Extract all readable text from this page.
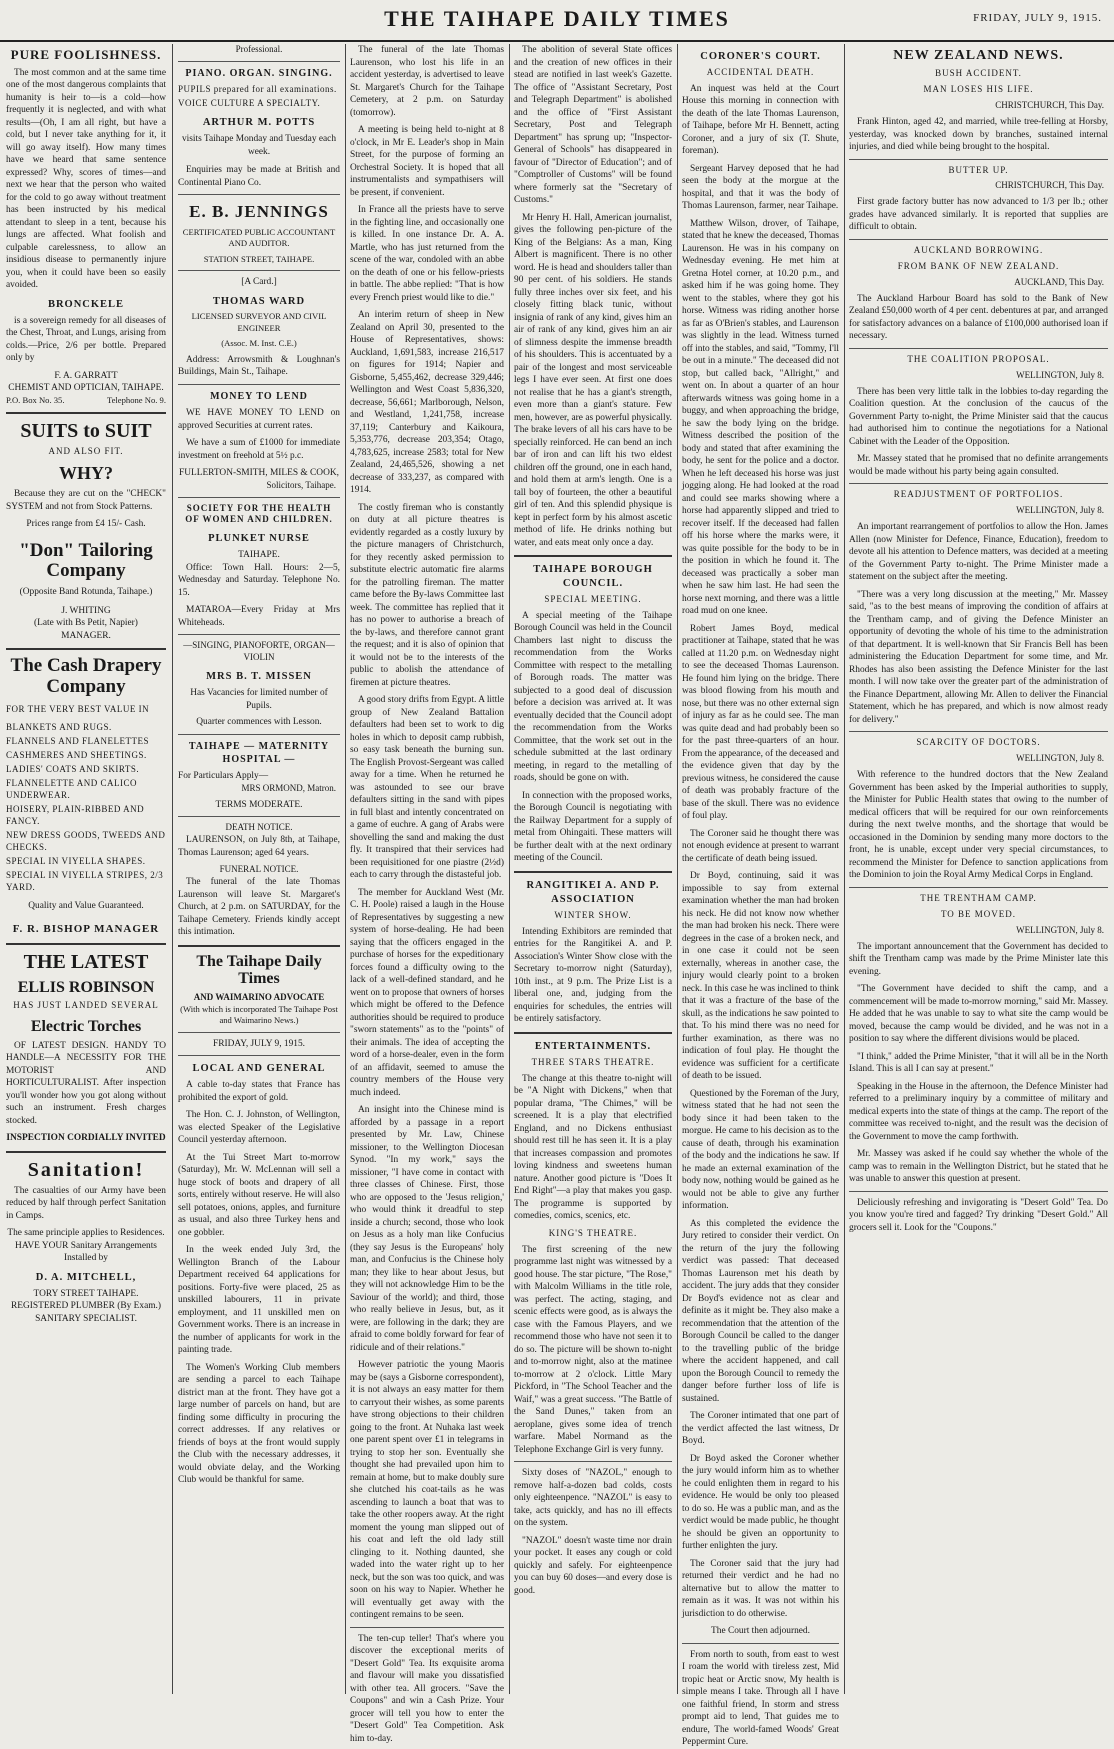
THE TAIHAPE DAILY TIMES	FRIDAY, JULY 9, 1915.
PURE FOOLISHNESS.

The most common and at the same time one of the most dangerous complaints that humanity is heir to—is a cold—how frequently it is neglected, and with what results—(Oh, I am all right, but have a cold, but I never take anything for it, it will go away itself). How many times have we heard that same sentence expressed? Why, scores of times—and next we hear that the person who waited for the cold to go away without treatment has been instructed by his medical attendant to sleep in a tent, because his lungs are affected. What foolish and culpable carelessness, to allow an insidious disease to permanently injure you, when it could have been so easily avoided.

BRONCKELE

is a sovereign remedy for all diseases of the Chest, Throat, and Lungs, arising from colds.—Price, 2/6 per bottle. Prepared only by

F. A. GARRATT
CHEMIST AND OPTICIAN, TAIHAPE.
P.O. Box No. 35.	Telephone No. 9.
SUITS to SUIT
AND ALSO FIT.
WHY?

Because they are cut on the "CHECK" SYSTEM and not from Stock Patterns.

Prices range from £4 15/- Cash.
"Don" Tailoring Company
(Opposite Band Rotunda, Taihape.)
J. WHITING
(Late with Bs Petit, Napier)
MANAGER.
The Cash Drapery Company
FOR THE VERY BEST VALUE IN
BLANKETS AND RUGS.
FLANNELS AND FLANELETTES
CASHMERES AND SHEETINGS.
LADIES' COATS AND SKIRTS.
FLANNELETTE AND CALICO UNDERWEAR.
HOISERY, PLAIN-RIBBED AND FANCY.
NEW DRESS GOODS, TWEEDS AND CHECKS.
SPECIAL IN VIYELLA SHAPES.
SPECIAL IN VIYELLA STRIPES, 2/3 YARD.
Quality and Value Guaranteed.
F. R. BISHOP MANAGER
THE LATEST
ELLIS ROBINSON
HAS JUST LANDED SEVERAL
Electric Torches

OF LATEST DESIGN. HANDY TO HANDLE—A NECESSITY FOR THE MOTORIST AND HORTICULTURALIST. After inspection you'll wonder how you got along without such an instrument. Fresh charges stocked.

INSPECTION CORDIALLY INVITED
Sanitation!

The casualties of our Army have been reduced by half through perfect Sanitation in Camps.

The same principle applies to Residences.
HAVE YOUR Sanitary Arrangements Installed by
D. A. MITCHELL,
TORY STREET TAIHAPE.
REGISTERED PLUMBER (By Exam.)
SANITARY SPECIALIST.
Professional.
PIANO. ORGAN. SINGING.
PUPILS prepared for all examinations.
VOICE CULTURE A SPECIALTY.
ARTHUR M. POTTS
visits Taihape Monday and Tuesday each week.

Enquiries may be made at British and Continental Piano Co.

E. B. JENNINGS
CERTIFICATED PUBLIC ACCOUNTANT AND AUDITOR.
STATION STREET, TAIHAPE.
[A Card.]
THOMAS WARD
LICENSED SURVEYOR AND CIVIL ENGINEER
(Assoc. M. Inst. C.E.)

Address: Arrowsmith & Loughnan's Buildings, Main St., Taihape.

MONEY TO LEND

WE HAVE MONEY TO LEND on approved Securities at current rates.

We have a sum of £1000 for immediate investment on freehold at 5½ p.c.

FULLERTON-SMITH, MILES & COOK,
Solicitors, Taihape.
SOCIETY FOR THE HEALTH OF WOMEN AND CHILDREN.
PLUNKET NURSE
TAIHAPE.

Office: Town Hall. Hours: 2—5, Wednesday and Saturday. Telephone No. 15.

MATAROA—Every Friday at Mrs Whiteheads.

—SINGING, PIANOFORTE, ORGAN—VIOLIN
MRS B. T. MISSEN
Has Vacancies for limited number of Pupils.
Quarter commences with Lesson.
TAIHAPE — MATERNITY HOSPITAL —
For Particulars Apply—
MRS ORMOND, Matron.
TERMS MODERATE.
DEATH NOTICE.

LAURENSON, on July 8th, at Taihape, Thomas Laurenson; aged 64 years.

FUNERAL NOTICE.

The funeral of the late Thomas Laurenson will leave St. Margaret's Church, at 2 p.m. on SATURDAY, for the Taihape Cemetery. Friends kindly accept this intimation.

The Taihape Daily Times
AND WAIMARINO ADVOCATE
(With which is incorporated The Taihape Post and Waimarino News.)
FRIDAY, JULY 9, 1915.
LOCAL AND GENERAL

A cable to-day states that France has prohibited the export of gold.

The Hon. C. J. Johnston, of Wellington, was elected Speaker of the Legislative Council yesterday afternoon.

At the Tui Street Mart to-morrow (Saturday), Mr. W. McLennan will sell a huge stock of boots and drapery of all sorts, entirely without reserve. He will also sell potatoes, onions, apples, and furniture as usual, and also three Turkey hens and one gobbler.

In the week ended July 3rd, the Wellington Branch of the Labour Department received 64 applications for positions. Forty-five were placed, 25 as unskilled labourers, 11 in private employment, and 11 unskilled men on Government works. There is an increase in the number of applicants for work in the painting trade.

The Women's Working Club members are sending a parcel to each Taihape district man at the front. They have got a large number of parcels on hand, but are finding some difficulty in procuring the correct addresses. If any relatives or friends of boys at the front would supply the Club with the necessary addresses, it would obviate delay, and the Working Club would be thankful for same.

The funeral of the late Thomas Laurenson, who lost his life in an accident yesterday, is advertised to leave St. Margaret's Church for the Taihape Cemetery, at 2 p.m. on Saturday (tomorrow).

A meeting is being held to-night at 8 o'clock, in Mr E. Leader's shop in Main Street, for the purpose of forming an Orchestral Society. It is hoped that all instrumentalists and sympathisers will be present, if convenient.

In France all the priests have to serve in the fighting line, and occasionally one is killed. In one instance Dr. A. A. Martle, who has just returned from the scene of the war, condoled with an abbe on the death of one or his fellow-priests in battle. The abbe replied: "That is how every French priest would like to die."

An interim return of sheep in New Zealand on April 30, presented to the House of Representatives, shows: Auckland, 1,691,583, increase 216,517 on figures for 1914; Napier and Gisborne, 5,455,462, decrease 329,446; Wellington and West Coast 5,836,320, decrease, 56,661; Marlborough, Nelson, and Westland, 1,241,758, increase 37,119; Canterbury and Kaikoura, 5,353,776, decrease 203,354; Otago, 4,783,625, increase 2583; total for New Zealand, 24,465,526, showing a net decrease of 333,237, as compared with 1914.

The costly fireman who is constantly on duty at all picture theatres is evidently regarded as a costly luxury by the picture managers of Christchurch, for they recently asked permission to substitute electric automatic fire alarms for the patrolling fireman. The matter came before the By-laws Committee last week. The committee has replied that it has no power to authorise a breach of the by-laws, and therefore cannot grant the request; and it is also of opinion that it would not be to the interests of the public to abolish the attendance of firemen at picture theatres.

A good story drifts from Egypt. A little group of New Zealand Battalion defaulters had been set to work to dig holes in which to deposit camp rubbish, so easy task beneath the burning sun. The English Provost-Sergeant was called away for a time. When he returned he was astounded to see our brave defaulters sitting in the sand with pipes in full blast and intently concentrated on a game of euchre. A gang of Arabs were shovelling the sand and making the dust fly. It transpired that their services had been requisitioned for one piastre (2½d) each to carry through the distasteful job.

The member for Auckland West (Mr. C. H. Poole) raised a laugh in the House of Representatives by suggesting a new system of horse-dealing. He had been saying that the officers engaged in the purchase of horses for the expeditionary forces found a difficulty owing to the lack of a well-defined standard, and he went on to propose that owners of horses which might be offered to the Defence authorities should be required to produce "sworn statements" as to the "points" of their animals. The idea of accepting the word of a horse-dealer, even in the form of an affidavit, seemed to amuse the country members of the House very much indeed.

An insight into the Chinese mind is afforded by a passage in a report presented by Mr. Law, Chinese missioner, to the Wellington Diocesan Synod. "In my work," says the missioner, "I have come in contact with three classes of Chinese. First, those who are opposed to the 'Jesus religion,' who would think it dreadful to step inside a church; second, those who look on Jesus as a holy man like Confucius (they say Jesus is the Europeans' holy man, and Confucius is the Chinese holy man; they like to hear about Jesus, but they will not acknowledge Him to be the Saviour of the world); and third, those who really believe in Jesus, but, as it were, are following in the dark; they are afraid to come boldly forward for fear of ridicule and of their relations."

However patriotic the young Maoris may be (says a Gisborne correspondent), it is not always an easy matter for them to carryout their wishes, as some parents have strong objections to their children going to the front. At Nuhaka last week one parent spent over £1 in telegrams in trying to stop her son. Eventually she thought she had prevailed upon him to remain at home, but to make doubly sure she clutched his coat-tails as he was ascending to launch a boat that was to take the other roopers away. At the right moment the young man slipped out of his coat and left the old lady still clinging to it. Nothing daunted, she waded into the water right up to her neck, but the son was too quick, and was soon on his way to Napier. Whether he will eventually get away with the contingent remains to be seen.

The ten-cup teller! That's where you discover the exceptional merits of "Desert Gold" Tea. Its exquisite aroma and flavour will make you dissatisfied with other tea. All grocers. "Save the Coupons" and win a Cash Prize. Your grocer will tell you how to enter the "Desert Gold" Tea Competition. Ask him to-day.

The abolition of several State offices and the creation of new offices in their stead are notified in last week's Gazette. The office of "Assistant Secretary, Post and Telegraph Department" is abolished and the office of "First Assistant Secretary, Post and Telegraph Department" has sprung up; "Inspector-General of Schools" has disappeared in favour of "Director of Education"; and of "Comptroller of Customs" will be found where formerly sat the "Secretary of Customs."

Mr Henry H. Hall, American journalist, gives the following pen-picture of the King of the Belgians: As a man, King Albert is magnificent. There is no other word. He is head and shoulders taller than 90 per cent. of his soldiers. He stands fully three inches over six feet, and his closely fitting black tunic, without insignia of rank of any kind, gives him an air of rank of any kind, gives him an air of slimness despite the immense breadth of his shoulders. This is accentuated by a pair of the longest and most serviceable legs I have ever seen. At first one does not realise that he has a giant's strength, even more than a giant's stature. Few men, however, are as powerful physically. The brake levers of all his cars have to be specially reinforced. He can bend an inch bar of iron and can lift his two eldest children off the ground, one in each hand, and hold them at arm's length. One is a tall boy of fourteen, the other a beautiful girl of ten. And this splendid physique is kept in perfect form by his almost ascetic method of life. He drinks nothing but water, and eats meat only once a day.

TAIHAPE BOROUGH COUNCIL.
SPECIAL MEETING.

A special meeting of the Taihape Borough Council was held in the Council Chambers last night to discuss the recommendation from the Works Committee with respect to the metalling of Borough roads. The matter was subjected to a good deal of discussion before a decision was arrived at. It was eventually decided that the Council adopt the recommendation from the Works Committee, that the work set out in the schedule submitted at the last ordinary meeting, in regard to the metalling of roads, should be gone on with.

In connection with the proposed works, the Borough Council is negotiating with the Railway Department for a supply of metal from Ohingaiti. These matters will be further dealt with at the next ordinary meeting of the Council.

RANGITIKEI A. AND P. ASSOCIATION
WINTER SHOW.

Intending Exhibitors are reminded that entries for the Rangitikei A. and P. Association's Winter Show close with the Secretary to-morrow night (Saturday), 10th inst., at 9 p.m. The Prize List is a liberal one, and, judging from the enquiries for schedules, the entries will be entirely satisfactory.

ENTERTAINMENTS.
THREE STARS THEATRE.

The change at this theatre to-night will be "A Night with Dickens," when that popular drama, "The Chimes," will be screened. It is a play that electrified England, and no Dickens enthusiast should rest till he has seen it. It is a play that increases compassion and promotes loving kindness and sweetens human nature. Another good picture is "Does It End Right"—a play that makes you gasp. The programme is supported by comedies, comics, scenics, etc.

KING'S THEATRE.

The first screening of the new programme last night was witnessed by a good house. The star picture, "The Rose," with Malcolm Williams in the title role, was perfect. The acting, staging, and scenic effects were good, as is always the case with the Famous Players, and we recommend those who have not seen it to do so. The picture will be shown to-night and to-morrow night, also at the matinee to-morrow at 2 o'clock. Little Mary Pickford, in "The School Teacher and the Waif," was a great success. "The Battle of the Sand Dunes," taken from an aeroplane, gives some idea of trench warfare. Mabel Normand as the Telephone Exchange Girl is very funny.

Sixty doses of "NAZOL," enough to remove half-a-dozen bad colds, costs only eighteenpence. "NAZOL" is easy to take, acts quickly, and has no ill effects on the system.

"NAZOL" doesn't waste time nor drain your pocket. It eases any cough or cold quickly and safely. For eighteenpence you can buy 60 doses—and every dose is good.

CORONER'S COURT.
ACCIDENTAL DEATH.

An inquest was held at the Court House this morning in connection with the death of the late Thomas Laurenson, of Taihape, before Mr H. Bennett, acting Coroner, and a jury of six (T. Shute, foreman).

Sergeant Harvey deposed that he had seen the body at the morgue at the hospital, and that it was the body of Thomas Laurenson, farmer, near Taihape.

Matthew Wilson, drover, of Taihape, stated that he knew the deceased, Thomas Laurenson. He was in his company on Wednesday evening. He met him at Gretna Hotel corner, at 10.20 p.m., and asked him if he was going home. They went to the stables, where they got his horse. Witness was riding another horse as far as O'Brien's stables, and Laurenson was slightly in the lead. Witness turned off into the stables, and said, "Tommy, I'll be out in a minute." The deceased did not stop, but called back, "Allright," and went on. In about a quarter of an hour afterwards witness was going home in a buggy, and when approaching the bridge, he saw the body lying on the bridge. Witness described the position of the body and stated that after examining the body, he sent for the police and a doctor. When he left deceased his horse was just jogging along. He had looked at the road and could see marks showing where a horse had apparently slipped and tried to recover itself. If the deceased had fallen off his horse where the marks were, it was quite possible for the body to be in the position in which he found it. The deceased was practically a sober man when he saw him last. He had seen the horse next morning, and there was a little road mud on one knee.

Robert James Boyd, medical practitioner at Taihape, stated that he was called at 11.20 p.m. on Wednesday night to see the deceased Thomas Laurenson. He found him lying on the bridge. There was blood flowing from his mouth and nose, but there was no other external sign of injury as far as he could see. The man was quite dead and had probably been so for the past three-quarters of an hour. From the appearance, of the deceased and the evidence given that day by the previous witness, he considered the cause of death was probably fracture of the base of the skull. There was no evidence of foul play.

The Coroner said he thought there was not enough evidence at present to warrant the certificate of death being issued.

Dr Boyd, continuing, said it was impossible to say from external examination whether the man had broken his neck. He did not know now whether the man had broken his neck. There were degrees in the case of a broken neck, and in one case it could not be seen externally, whereas in another case, the injury would clearly point to a broken neck. In this case he was inclined to think that it was a fracture of the base of the skull, as the indications he saw pointed to that. To his mind there was no need for further examination, as there was no indication of foul play. He thought the evidence was sufficient for a certificate of death to be issued.

Questioned by the Foreman of the Jury, witness stated that he had not seen the body since it had been taken to the morgue. He came to his decision as to the cause of death, through his examination of the body and the indications he saw. If he made an external examination of the body now, nothing would be gained as he would not be able to give any further information.

As this completed the evidence the Jury retired to consider their verdict. On the return of the jury the following verdict was passed: That deceased Thomas Laurenson met his death by accident. The jury adds that they consider Dr Boyd's evidence not as clear and definite as it might be. They also make a recommendation that the attention of the Borough Council be called to the danger to the travelling public of the bridge where the accident happened, and call upon the Borough Council to remedy the danger before further loss of life is sustained.

The Coroner intimated that one part of the verdict affected the last witness, Dr Boyd.

Dr Boyd asked the Coroner whether the jury would inform him as to whether he could enlighten them in regard to his evidence. He would be only too pleased to do so. He was a public man, and as the verdict would be made public, he thought he should be given an opportunity to further enlighten the jury.

The Coroner said that the jury had returned their verdict and he had no alternative but to allow the matter to remain as it was. It was not within his jurisdiction to do otherwise.

The Court then adjourned.

From north to south, from east to west I roam the world with tireless zest, Mid tropic heat or Arctic snow, My health is simple means I take. Through all I have one faithful friend, In storm and stress prompt aid to lend, That guides me to endure, The world-famed Woods' Great Peppermint Cure.

NEW ZEALAND NEWS.
BUSH ACCIDENT.
MAN LOSES HIS LIFE.
CHRISTCHURCH, This Day.

Frank Hinton, aged 42, and married, while tree-felling at Horsby, yesterday, was knocked down by branches, sustained internal injuries, and died while being brought to the hospital.

BUTTER UP.
CHRISTCHURCH, This Day.

First grade factory butter has now advanced to 1/3 per lb.; other grades have advanced similarly. It is reported that supplies are difficult to obtain.

AUCKLAND BORROWING.
FROM BANK OF NEW ZEALAND.
AUCKLAND, This Day.

The Auckland Harbour Board has sold to the Bank of New Zealand £50,000 worth of 4 per cent. debentures at par, and arranged for satisfactory advances on a balance of £100,000 authorised loan if necessary.

THE COALITION PROPOSAL.
WELLINGTON, July 8.

There has been very little talk in the lobbies to-day regarding the Coalition question. At the conclusion of the caucus of the Government Party to-night, the Prime Minister said that the caucus had authorised him to continue the negotiations for a National Cabinet with the Leader of the Opposition.

Mr. Massey stated that he promised that no definite arrangements would be made without his party being again consulted.

READJUSTMENT OF PORTFOLIOS.
WELLINGTON, July 8.

An important rearrangement of portfolios to allow the Hon. James Allen (now Minister for Defence, Finance, Education), freedom to devote all his attention to Defence matters, was decided at a meeting of the Government Party to-night. The Prime Minister made a statement on the subject after the meeting.

"There was a very long discussion at the meeting," Mr. Massey said, "as to the best means of improving the condition of affairs at the Trentham camp, and of giving the Defence Minister an opportunity of devoting the whole of his time to the administration of that department. It is well-known that Sir Francis Bell has been administering the Education Department for some time, and Mr. Rhodes has also been assisting the Defence Minister for the last month. I will now take over the greater part of the administration of the Finance Department, allowing Mr. Allen to deliver the Financial Statement, which he has prepared, and which is now almost ready for delivery."

SCARCITY OF DOCTORS.
WELLINGTON, July 8.

With reference to the hundred doctors that the New Zealand Government has been asked by the Imperial authorities to supply, the Minister for Public Health states that owing to the number of medical officers that will be required for our own reinforcements during the next twelve months, and the shortage that would be occasioned in the Dominion by sending many more doctors to the front, he is unable, except under very special circumstances, to recommend the Minister for Defence to sanction applications from the Dominion to join the Royal Army Medical Corps in England.

THE TRENTHAM CAMP.
TO BE MOVED.
WELLINGTON, July 8.

The important announcement that the Government has decided to shift the Trentham camp was made by the Prime Minister late this evening.

"The Government have decided to shift the camp, and a commencement will be made to-morrow morning," said Mr. Massey. He added that he was unable to say to what site the camp would be moved, because the camp would be divided, and he was not in a position to say where the different divisions would be placed.

"I think," added the Prime Minister, "that it will all be in the North Island. This is all I can say at present."

Speaking in the House in the afternoon, the Defence Minister had referred to a preliminary inquiry by a committee of military and medical experts into the state of things at the camp. The report of the committee was received to-night, and the result was the decision of the Government to move the camp forthwith.

Mr. Massey was asked if he could say whether the whole of the camp was to remain in the Wellington District, but he stated that he was unable to answer this question at present.

Deliciously refreshing and invigorating is "Desert Gold" Tea. Do you know you're tired and fagged? Try drinking "Desert Gold." All grocers sell it. Look for the "Coupons."
